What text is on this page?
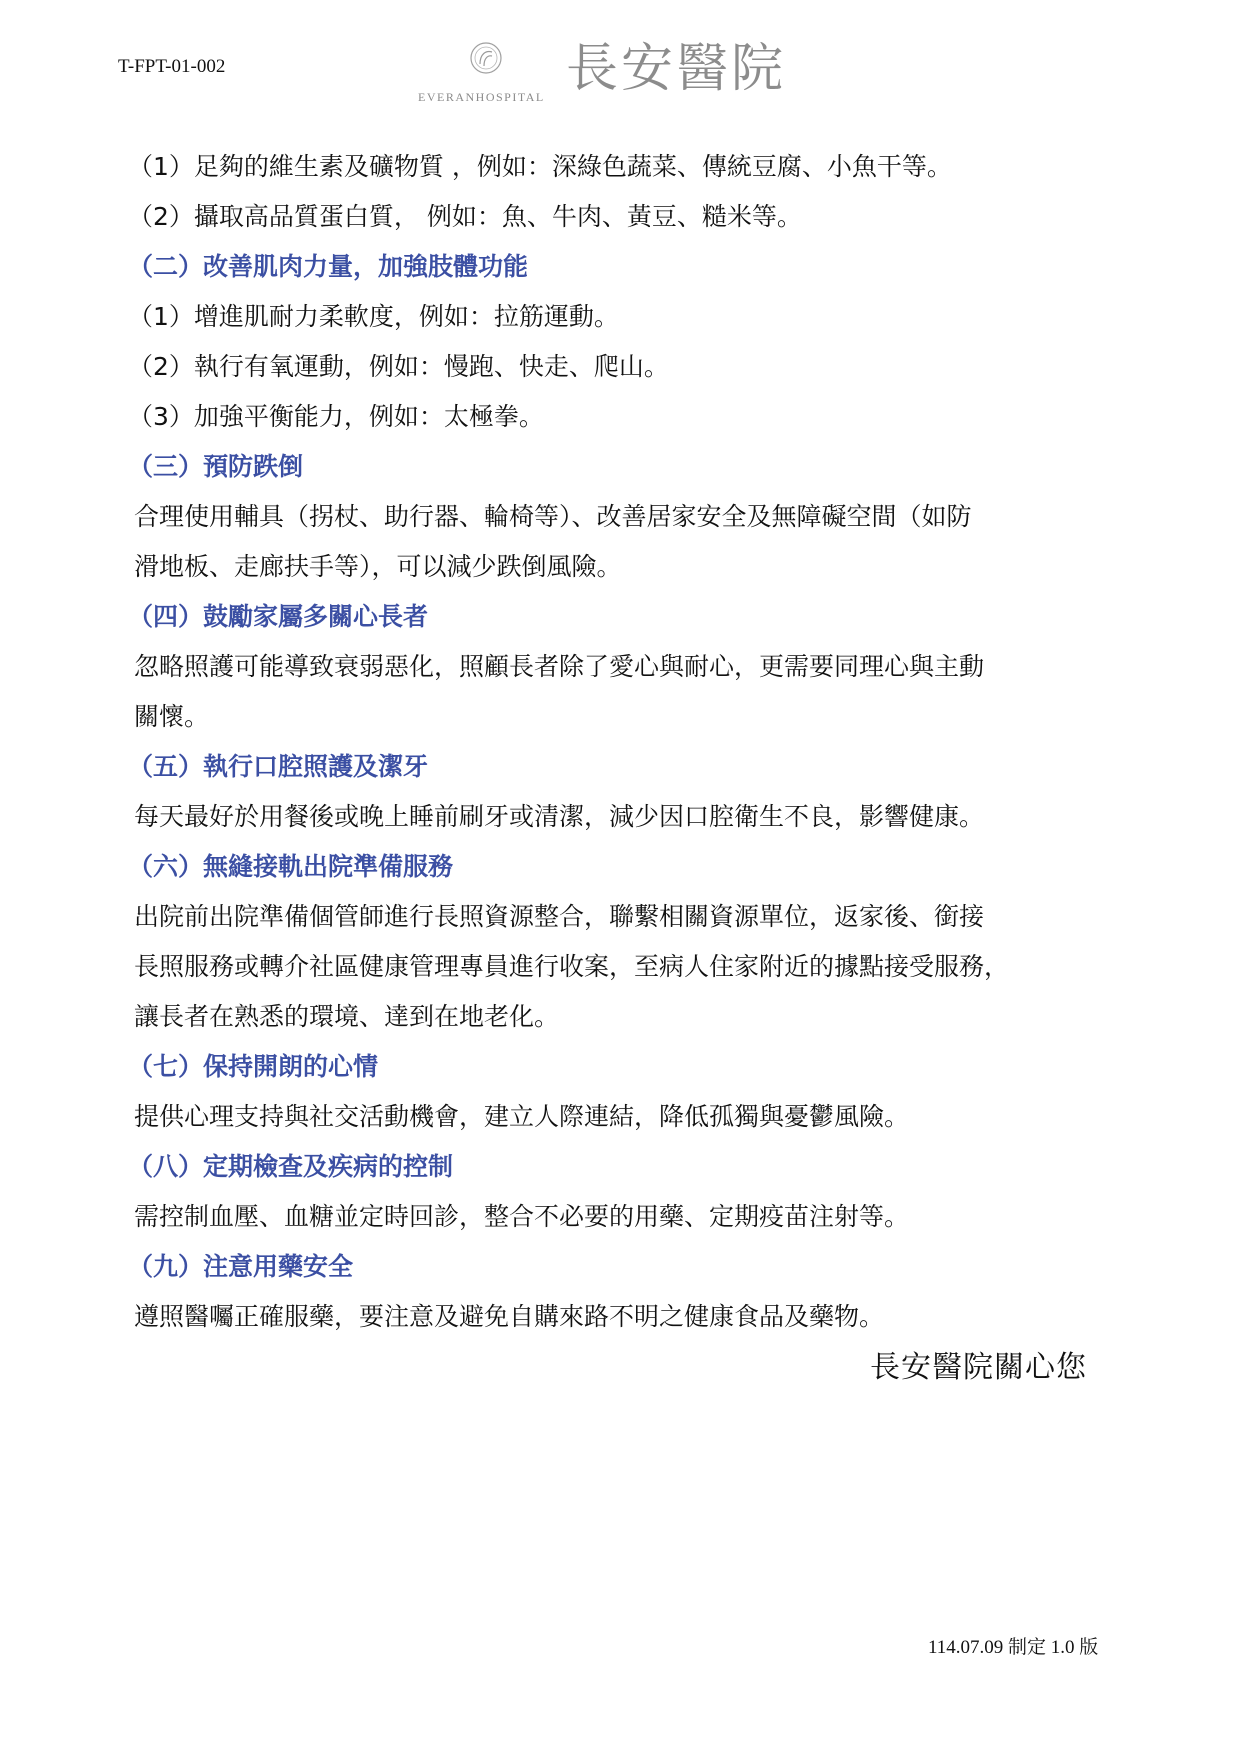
T-FPT-01-002
EVERANHOSPITAL 長安醫院
（1）足夠的維生素及礦物質 ，例如：深綠色蔬菜、傳統豆腐、小魚干等。
（2）攝取高品質蛋白質， 例如：魚、牛肉、黃豆、糙米等。
（二）改善肌肉力量，加強肢體功能
（1）增進肌耐力柔軟度，例如：拉筋運動。
（2）執行有氧運動，例如：慢跑、快走、爬山。
（3）加強平衡能力，例如：太極拳。
（三）預防跌倒
合理使用輔具（拐杖、助行器、輪椅等）、改善居家安全及無障礙空間（如防
滑地板、走廊扶手等），可以減少跌倒風險。
（四）鼓勵家屬多關心長者
忽略照護可能導致衰弱惡化，照顧長者除了愛心與耐心，更需要同理心與主動
關懷。
（五）執行口腔照護及潔牙
每天最好於用餐後或晚上睡前刷牙或清潔，減少因口腔衛生不良，影響健康。
（六）無縫接軌出院準備服務
出院前出院準備個管師進行長照資源整合，聯繫相關資源單位，返家後、銜接
長照服務或轉介社區健康管理專員進行收案，至病人住家附近的據點接受服務，
讓長者在熟悉的環境、達到在地老化。
（七）保持開朗的心情
提供心理支持與社交活動機會，建立人際連結，降低孤獨與憂鬱風險。
（八）定期檢查及疾病的控制
需控制血壓、血糖並定時回診，整合不必要的用藥、定期疫苗注射等。
（九）注意用藥安全
遵照醫囑正確服藥，要注意及避免自購來路不明之健康食品及藥物。
長安醫院關心您
114.07.09 制定 1.0 版
